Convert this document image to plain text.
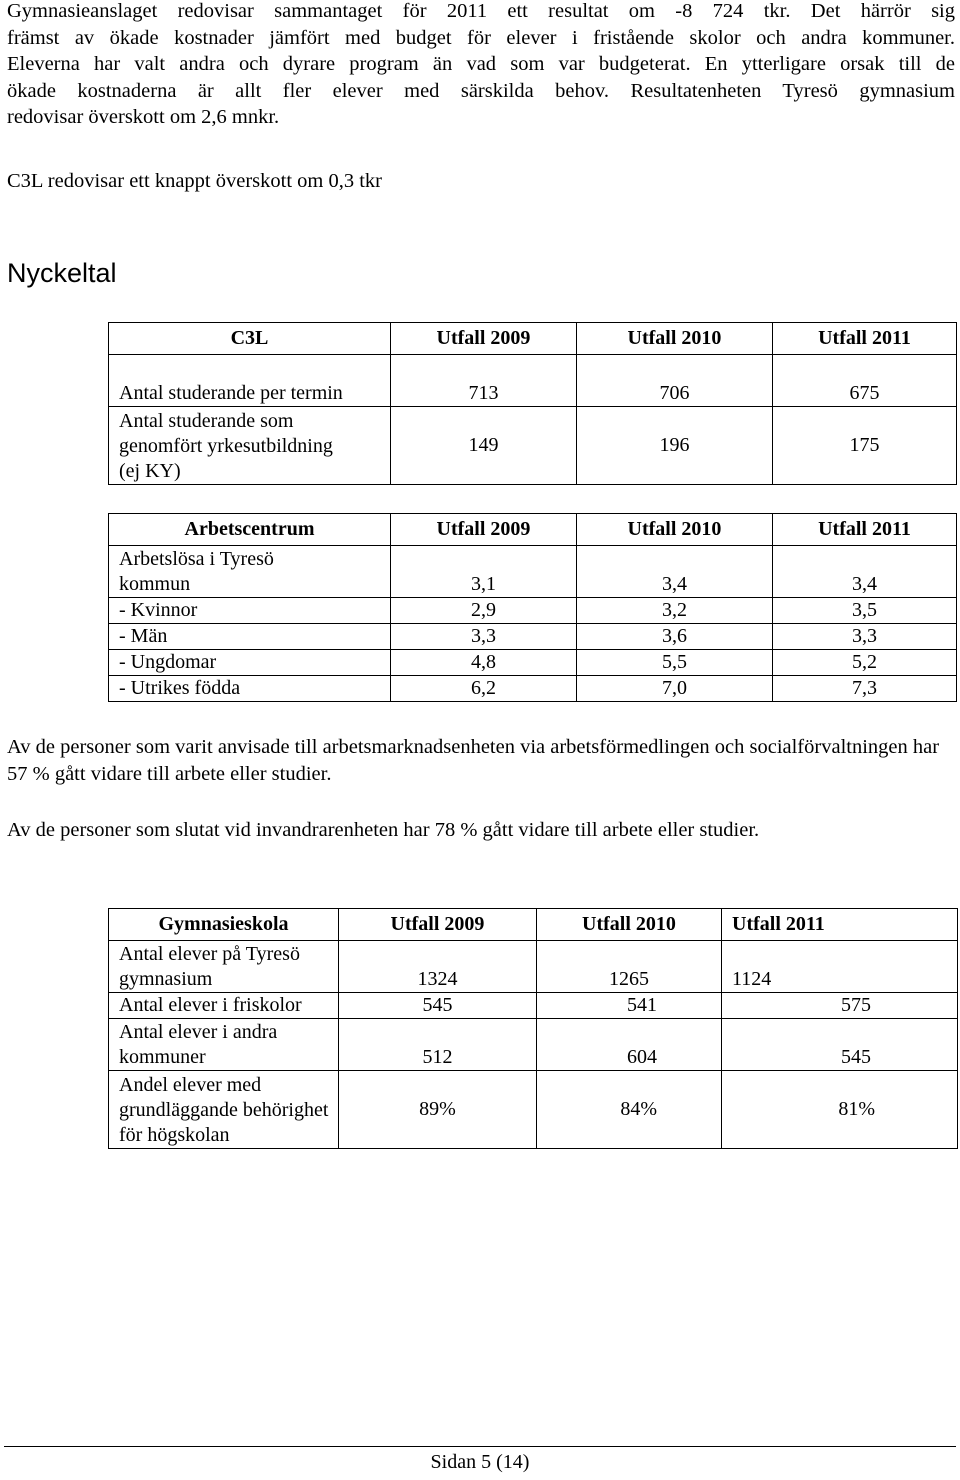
Gymnasieanslaget redovisar sammantaget för 2011 ett resultat om -8 724 tkr. Det härrör sig
främst av ökade kostnader jämfört med budget för elever i fristående skolor och andra kommuner.
Eleverna har valt andra och dyrare program än vad som var budgeterat. En ytterligare orsak till de
ökade kostnaderna är allt fler elever med särskilda behov. Resultatenheten Tyresö gymnasium
redovisar överskott om 2,6 mnkr.

C3L redovisar ett knappt överskott om 0,3 tkr

Nyckeltal
C3L	Utfall 2009	Utfall 2010	Utfall 2011
Antal studerande per termin	713	706	675
Antal studerande som genomfört yrkesutbildning (ej KY)	149	196	175
Arbetscentrum	Utfall 2009	Utfall 2010	Utfall 2011
Arbetslösa i Tyresö kommun	3,1	3,4	3,4
- Kvinnor	2,9	3,2	3,5
- Män	3,3	3,6	3,3
- Ungdomar	4,8	5,5	5,2
- Utrikes födda	6,2	7,0	7,3

Av de personer som varit anvisade till arbetsmarknadsenheten via arbetsförmedlingen och socialförvaltningen har 57 % gått vidare till arbete eller studier.

Av de personer som slutat vid invandrarenheten har 78 % gått vidare till arbete eller studier.

Gymnasieskola	Utfall 2009	Utfall 2010	Utfall 2011
Antal elever på Tyresö gymnasium	1324	1265	1124
Antal elever i friskolor	545	541	575
Antal elever i andra kommuner	512	604	545
Andel elever med grundläggande behörighet för högskolan	89%	84%	81%
Sidan 5 (14)
